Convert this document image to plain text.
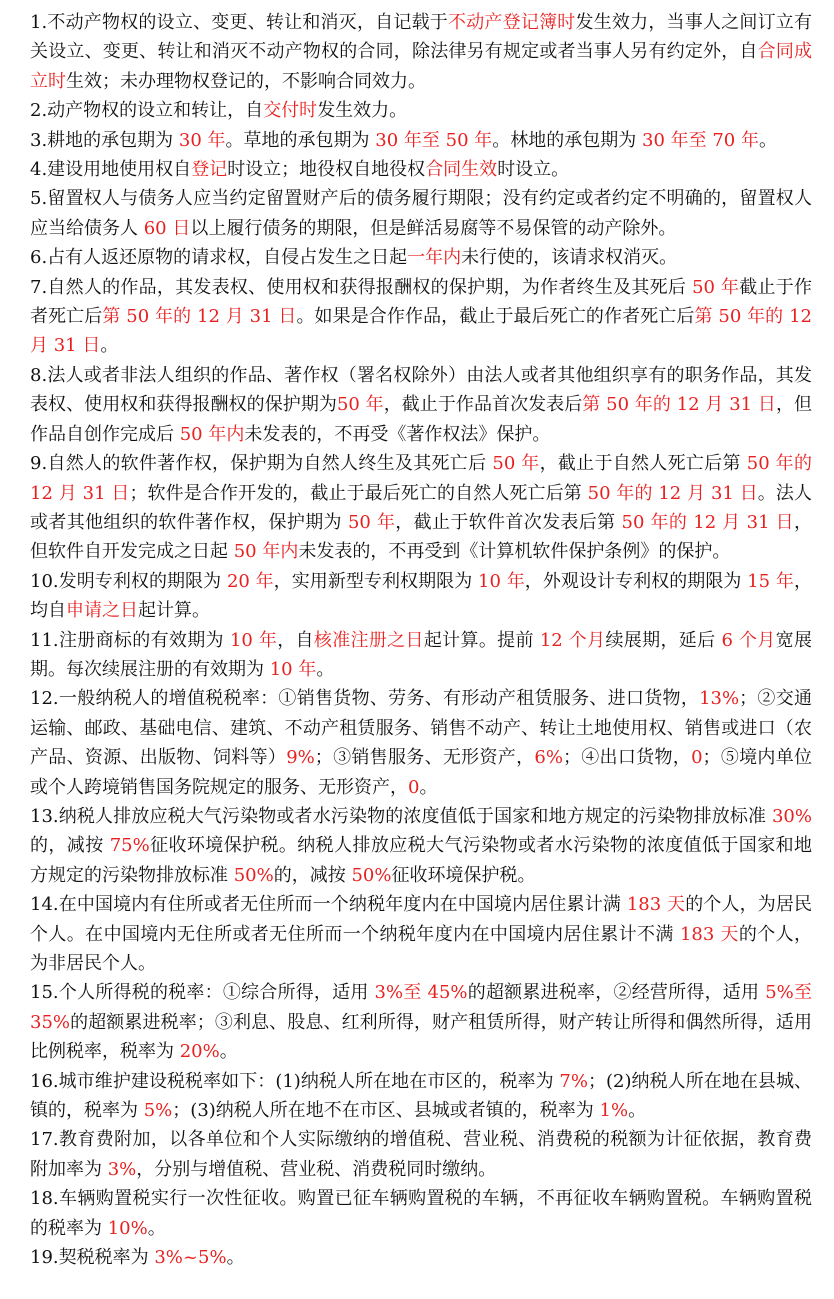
1.不动产物权的设立、变更、转让和消灭，自记载于不动产登记簿时发生效力，当事人之间订立有关设立、变更、转让和消灭不动产物权的合同，除法律另有规定或者当事人另有约定外，自合同成立时生效；未办理物权登记的，不影响合同效力。

2.动产物权的设立和转让，自交付时发生效力。

3.耕地的承包期为 30 年。草地的承包期为 30 年至 50 年。林地的承包期为 30 年至 70 年。

4.建设用地使用权自登记时设立；地役权自地役权合同生效时设立。

5.留置权人与债务人应当约定留置财产后的债务履行期限；没有约定或者约定不明确的，留置权人应当给债务人 60 日以上履行债务的期限，但是鲜活易腐等不易保管的动产除外。

6.占有人返还原物的请求权，自侵占发生之日起一年内未行使的，该请求权消灭。

7.自然人的作品，其发表权、使用权和获得报酬权的保护期，为作者终生及其死后 50 年截止于作者死亡后第 50 年的 12 月 31 日。如果是合作作品，截止于最后死亡的作者死亡后第 50 年的 12 月 31 日。

8.法人或者非法人组织的作品、著作权（署名权除外）由法人或者其他组织享有的职务作品，其发表权、使用权和获得报酬权的保护期为50 年，截止于作品首次发表后第 50 年的 12 月 31 日，但作品自创作完成后 50 年内未发表的，不再受《著作权法》保护。

9.自然人的软件著作权，保护期为自然人终生及其死亡后 50 年，截止于自然人死亡后第 50 年的 12 月 31 日；软件是合作开发的，截止于最后死亡的自然人死亡后第 50 年的 12 月 31 日。法人或者其他组织的软件著作权，保护期为 50 年，截止于软件首次发表后第 50 年的 12 月 31 日，但软件自开发完成之日起 50 年内未发表的，不再受到《计算机软件保护条例》的保护。

10.发明专利权的期限为 20 年，实用新型专利权期限为 10 年，外观设计专利权的期限为 15 年，均自申请之日起计算。

11.注册商标的有效期为 10 年，自核准注册之日起计算。提前 12 个月续展期，延后 6 个月宽展期。每次续展注册的有效期为 10 年。

12.一般纳税人的增值税税率：①销售货物、劳务、有形动产租赁服务、进口货物，13%；②交通运输、邮政、基础电信、建筑、不动产租赁服务、销售不动产、转让土地使用权、销售或进口（农产品、资源、出版物、饲料等）9%；③销售服务、无形资产，6%；④出口货物，0；⑤境内单位或个人跨境销售国务院规定的服务、无形资产，0。

13.纳税人排放应税大气污染物或者水污染物的浓度值低于国家和地方规定的污染物排放标准 30%的，减按 75%征收环境保护税。纳税人排放应税大气污染物或者水污染物的浓度值低于国家和地方规定的污染物排放标准 50%的，减按 50%征收环境保护税。

14.在中国境内有住所或者无住所而一个纳税年度内在中国境内居住累计满 183 天的个人，为居民个人。在中国境内无住所或者无住所而一个纳税年度内在中国境内居住累计不满 183 天的个人，为非居民个人。

15.个人所得税的税率：①综合所得，适用 3%至 45%的超额累进税率，②经营所得，适用 5%至 35%的超额累进税率；③利息、股息、红利所得，财产租赁所得，财产转让所得和偶然所得，适用比例税率，税率为 20%。

16.城市维护建设税税率如下：(1)纳税人所在地在市区的，税率为 7%；(2)纳税人所在地在县城、镇的，税率为 5%；(3)纳税人所在地不在市区、县城或者镇的，税率为 1%。

17.教育费附加，以各单位和个人实际缴纳的增值税、营业税、消费税的税额为计征依据，教育费附加率为 3%，分别与增值税、营业税、消费税同时缴纳。

18.车辆购置税实行一次性征收。购置已征车辆购置税的车辆，不再征收车辆购置税。车辆购置税的税率为 10%。

19.契税税率为 3%~5%。
